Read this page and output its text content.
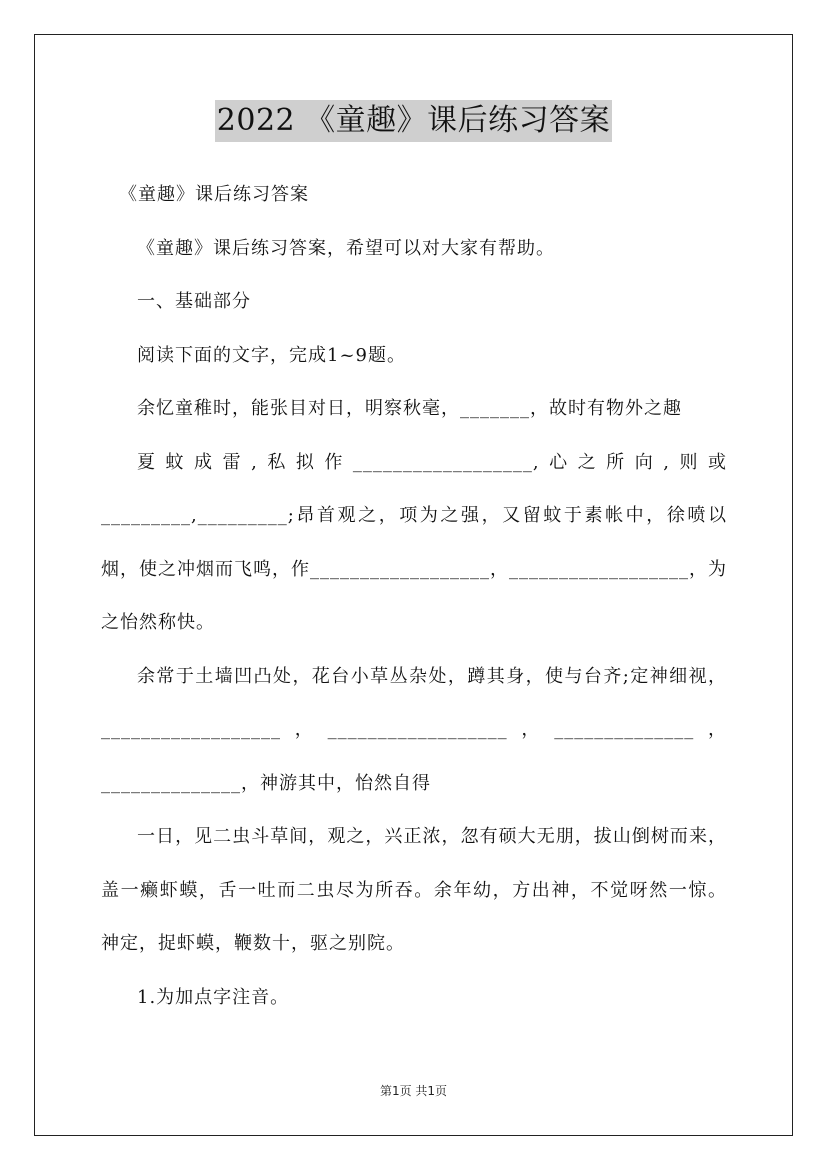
2022 《童趣》课后练习答案

《童趣》课后练习答案

《童趣》课后练习答案，希望可以对大家有帮助。

一、基础部分

阅读下面的文字，完成1~9题。

余忆童稚时，能张目对日，明察秋毫，_______，故时有物外之趣

夏蚊成雷,私拟作__________________,心之所向,则或_________,_________;昂首观之，项为之强，又留蚊于素帐中，徐喷以烟，使之冲烟而飞鸣，作__________________，__________________，为之怡然称快。

余常于土墙凹凸处，花台小草丛杂处，蹲其身，使与台齐;定神细视，__________________，__________________，______________，______________，神游其中，怡然自得

一日，见二虫斗草间，观之，兴正浓，忽有硕大无朋，拔山倒树而来，盖一癞虾蟆，舌一吐而二虫尽为所吞。余年幼，方出神，不觉呀然一惊。神定，捉虾蟆，鞭数十，驱之别院。

1.为加点字注音。

第1页 共1页
